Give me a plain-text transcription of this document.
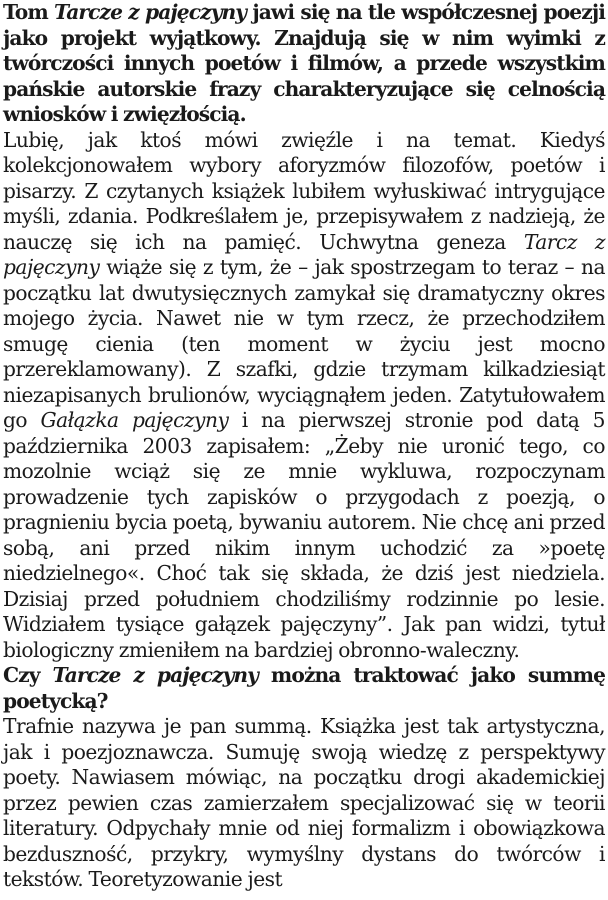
Tom Tarcze z pajęczyny jawi się na tle współczesnej poezji jako projekt wyjątkowy. Znajdują się w nim wyimki z twórczości innych poetów i filmów, a przede wszystkim pańskie autorskie frazy charakteryzujące się celnością wniosków i zwięzłością.

Lubię, jak ktoś mówi zwięźle i na temat. Kiedyś kolekcjonowałem wybory aforyzmów filozofów, poetów i pisarzy. Z czytanych książek lubiłem wyłuskiwać intrygujące myśli, zdania. Podkreślałem je, przepisywałem z nadzieją, że nauczę się ich na pamięć. Uchwytna geneza Tarcz z pajęczyny wiąże się z tym, że – jak spostrzegam to teraz – na początku lat dwutysięcznych zamykał się dramatyczny okres mojego życia. Nawet nie w tym rzecz, że przechodziłem smugę cienia (ten moment w życiu jest mocno przereklamowany). Z szafki, gdzie trzymam kilkadziesiąt niezapisanych brulionów, wyciągnąłem jeden. Zatytułowałem go Gałązka pajęczyny i na pierwszej stronie pod datą 5 października 2003 zapisałem: „Żeby nie uronić tego, co mozolnie wciąż się ze mnie wykluwa, rozpoczynam prowadzenie tych zapisków o przygodach z poezją, o pragnieniu bycia poetą, bywaniu autorem. Nie chcę ani przed sobą, ani przed nikim innym uchodzić za »poetę niedzielnego«. Choć tak się składa, że dziś jest niedziela. Dzisiaj przed południem chodziliśmy rodzinnie po lesie. Widziałem tysiące gałązek pajęczyny”. Jak pan widzi, tytuł biologiczny zmieniłem na bardziej obronno-waleczny.

Czy Tarcze z pajęczyny można traktować jako summę poetycką?

Trafnie nazywa je pan summą. Książka jest tak artystyczna, jak i poezjoznawcza. Sumuję swoją wiedzę z perspektywy poety. Nawiasem mówiąc, na początku drogi akademickiej przez pewien czas zamierzałem specjalizować się w teorii literatury. Odpychały mnie od niej formalizm i obowiązkowa bezduszność, przykry, wymyślny dystans do twórców i tekstów. Teoretyzowanie jest
